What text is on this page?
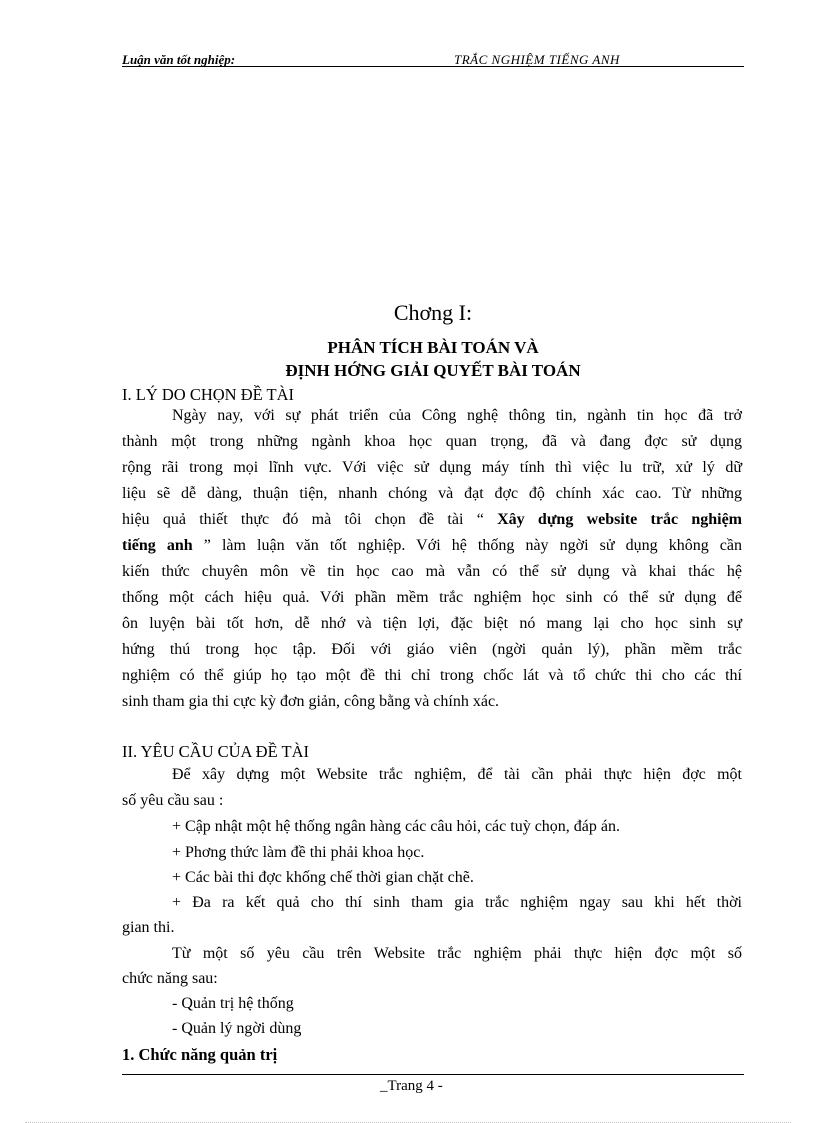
Luận văn tốt nghiệp:	TRẮC NGHIỆM TIẾNG ANH
Chơng I:
PHÂN TÍCH BÀI TOÁN VÀ
ĐỊNH HỚNG GIẢI QUYẾT BÀI TOÁN
I. LÝ DO CHỌN ĐỀ TÀI
Ngày nay, với sự phát triển của Công nghệ thông tin, ngành tin học đã trở
thành một trong những ngành khoa học quan trọng, đã và đang đợc sử dụng
rộng rãi trong mọi lĩnh vực. Với việc sử dụng máy tính thì việc lu trữ, xử lý dữ
liệu sẽ dễ dàng, thuận tiện, nhanh chóng và đạt đợc độ chính xác cao. Từ những
hiệu quả thiết thực đó mà tôi chọn đề tài “ Xây dựng website trắc nghiệm
tiếng anh ” làm luận văn tốt nghiệp. Với hệ thống này ngời sử dụng không cần
kiến thức chuyên môn về tin học cao mà vẫn có thể sử dụng và khai thác hệ
thống một cách hiệu quả. Với phần mềm trắc nghiệm học sinh có thể sử dụng để
ôn luyện bài tốt hơn, dễ nhớ và tiện lợi, đặc biệt nó mang lại cho học sinh sự
hứng thú trong học tập. Đối với giáo viên (ngời quản lý), phần mềm trắc
nghiệm có thể giúp họ tạo một đề thi chỉ trong chốc lát và tổ chức thi cho các thí
sinh tham gia thi cực kỳ đơn giản, công bằng và chính xác.
II. YÊU CẦU CỦA ĐỀ TÀI
Để xây dựng một Website trắc nghiệm, để tài cần phải thực hiện đợc một
số yêu cầu sau :
+ Cập nhật một hệ thống ngân hàng các câu hỏi, các tuỳ chọn, đáp án.
+ Phơng thức làm đề thi phải khoa học.
+ Các bài thi đợc khống chế thời gian chặt chẽ.
+ Đa ra kết quả cho thí sinh tham gia trắc nghiệm ngay sau khi hết thời
gian thi.
Từ một số yêu cầu trên Website trắc nghiệm phải thực hiện đợc một số
chức năng sau:
- Quản trị hệ thống
- Quản lý ngời dùng
1. Chức năng quản trị
_Trang 4 -
